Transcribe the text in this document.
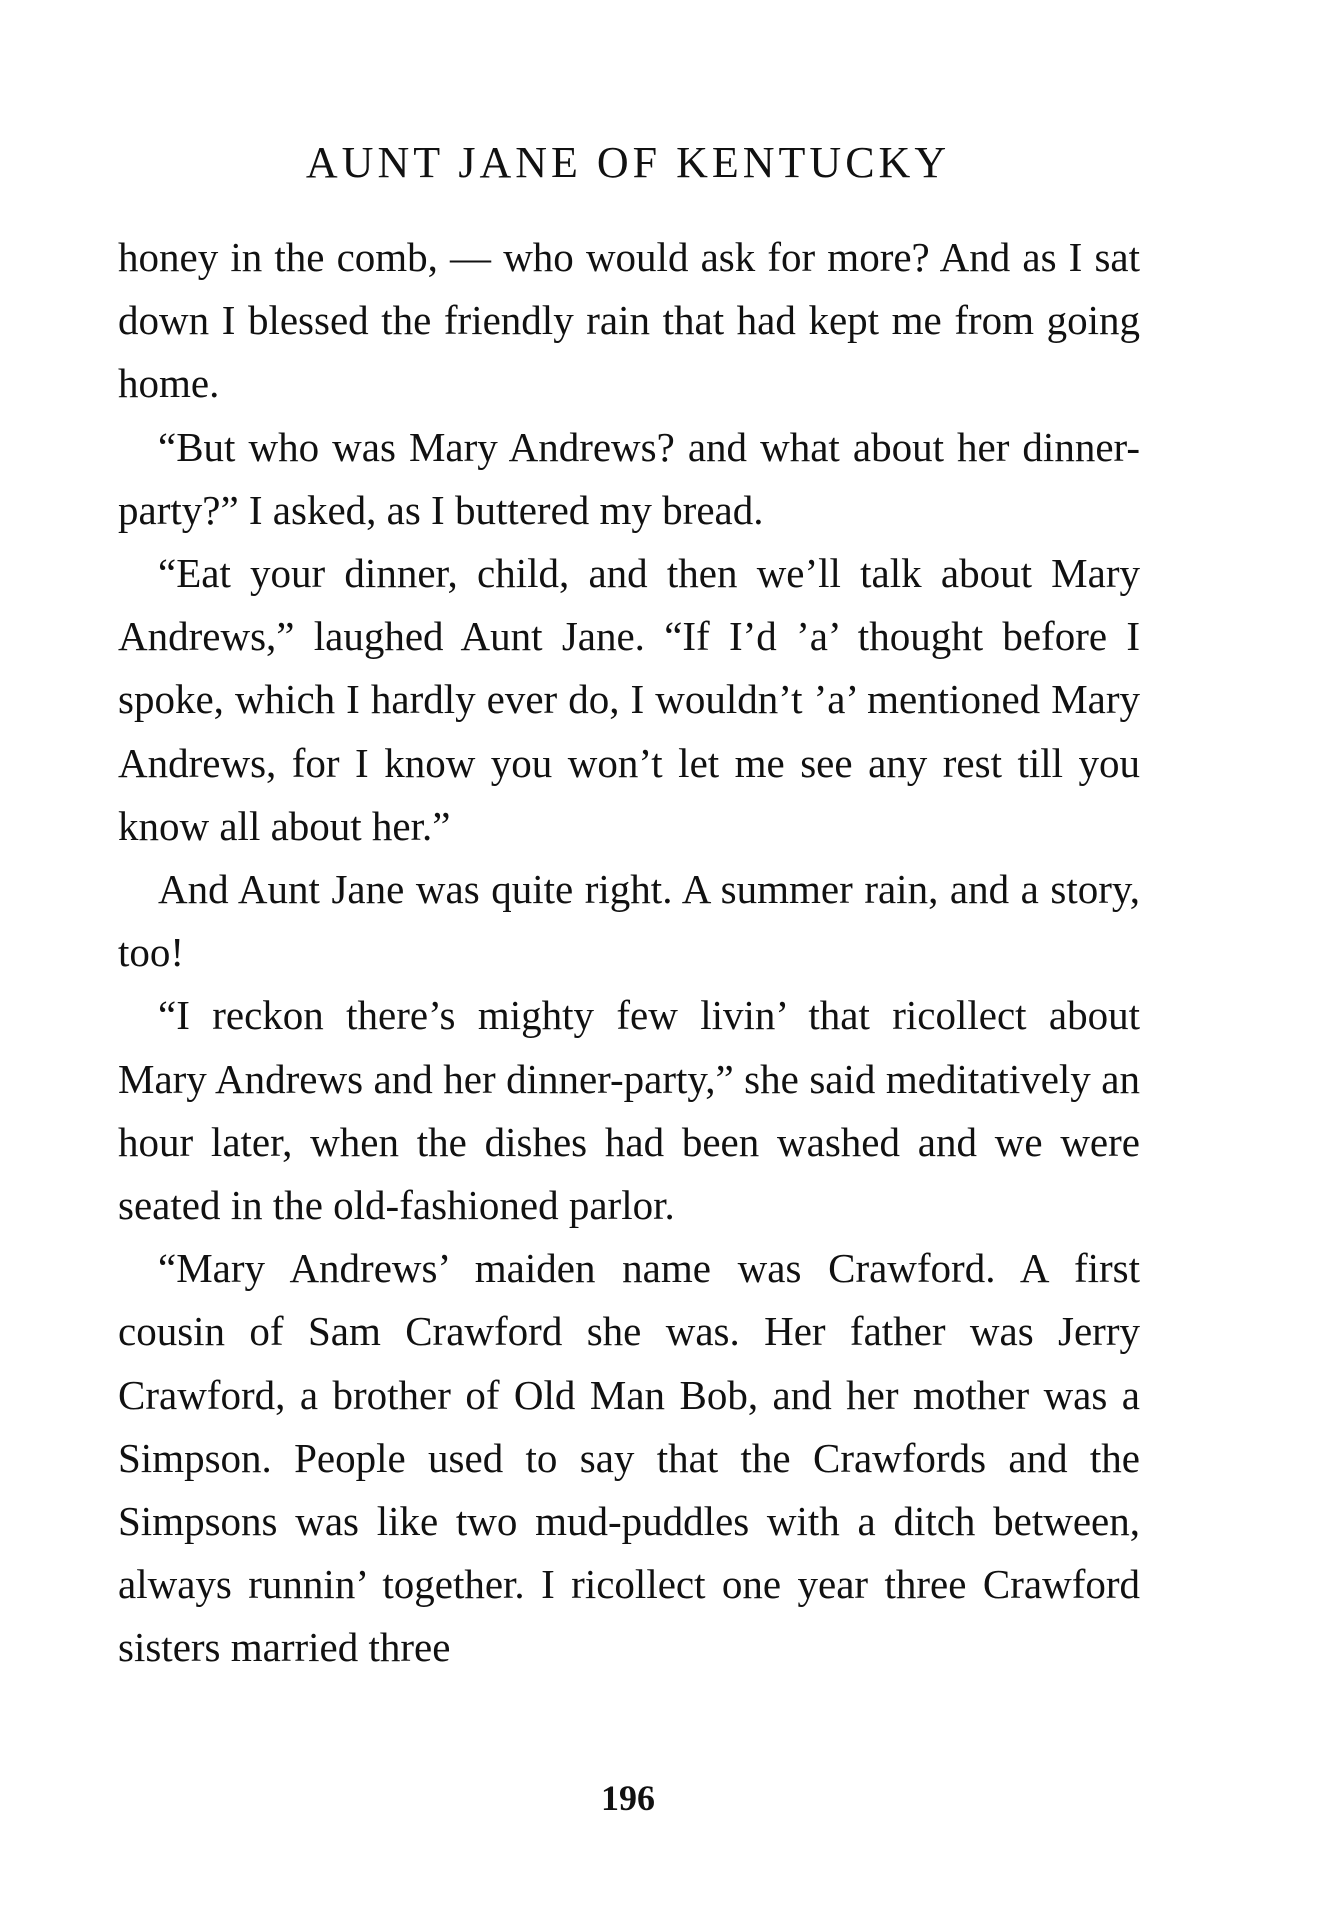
AUNT JANE OF KENTUCKY

honey in the comb, — who would ask for more? And as I sat down I blessed the friendly rain that had kept me from going home.

“But who was Mary Andrews? and what about her dinner-party?” I asked, as I buttered my bread.

“Eat your dinner, child, and then we’ll talk about Mary Andrews,” laughed Aunt Jane. “If I’d ’a’ thought before I spoke, which I hardly ever do, I wouldn’t ’a’ mentioned Mary Andrews, for I know you won’t let me see any rest till you know all about her.”

And Aunt Jane was quite right. A summer rain, and a story, too!

“I reckon there’s mighty few livin’ that ricollect about Mary Andrews and her dinner-party,” she said meditatively an hour later, when the dishes had been washed and we were seated in the old-fashioned parlor.

“Mary Andrews’ maiden name was Crawford. A first cousin of Sam Crawford she was. Her father was Jerry Crawford, a brother of Old Man Bob, and her mother was a Simpson. People used to say that the Crawfords and the Simpsons was like two mud-puddles with a ditch between, always runnin’ together. I ricollect one year three Crawford sisters married three

196
